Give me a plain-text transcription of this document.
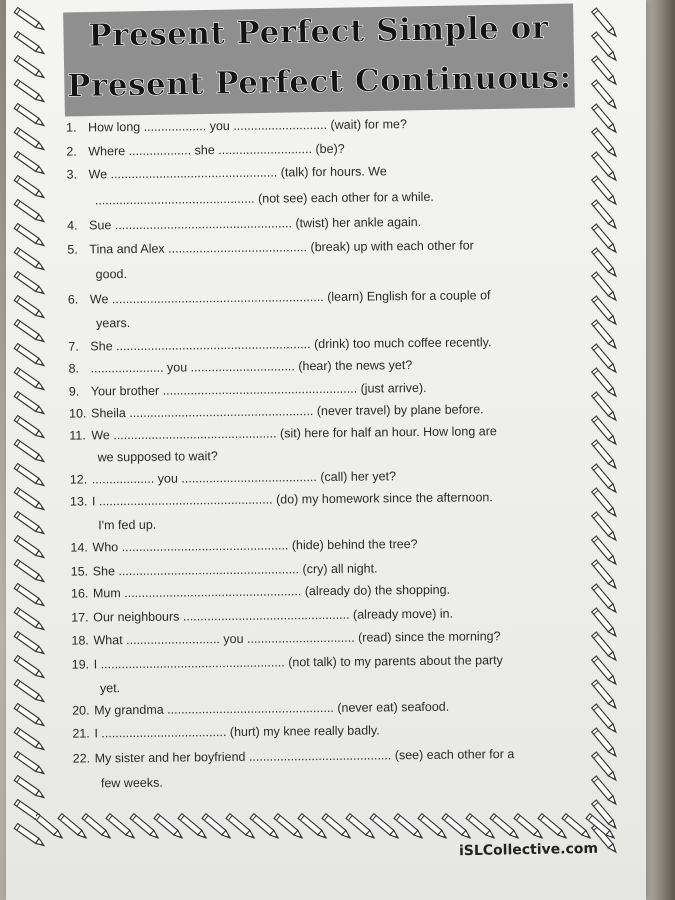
Present Perfect Simple or
Present Perfect Continuous:
1. How long .................. you ........................... (wait) for me?
2. Where .................. she ........................... (be)?
3. We ................................................ (talk) for hours. We
.............................................. (not see) each other for a while.
4. Sue ................................................... (twist) her ankle again.
5. Tina and Alex ........................................ (break) up with each other for
good.
6. We ............................................................. (learn) English for a couple of
years.
7. She ........................................................ (drink) too much coffee recently.
8. ..................... you .............................. (hear) the news yet?
9. Your brother ........................................................ (just arrive).
10. Sheila ..................................................... (never travel) by plane before.
11. We ............................................... (sit) here for half an hour. How long are
we supposed to wait?
12. .................. you ....................................... (call) her yet?
13. I .................................................. (do) my homework since the afternoon.
I'm fed up.
14. Who ................................................ (hide) behind the tree?
15. She .................................................... (cry) all night.
16. Mum ................................................... (already do) the shopping.
17. Our neighbours ................................................ (already move) in.
18. What ........................... you ............................... (read) since the morning?
19. I ..................................................... (not talk) to my parents about the party
yet.
20. My grandma ................................................ (never eat) seafood.
21. I .................................... (hurt) my knee really badly.
22. My sister and her boyfriend ......................................... (see) each other for a
few weeks.
iSLCollective.com
